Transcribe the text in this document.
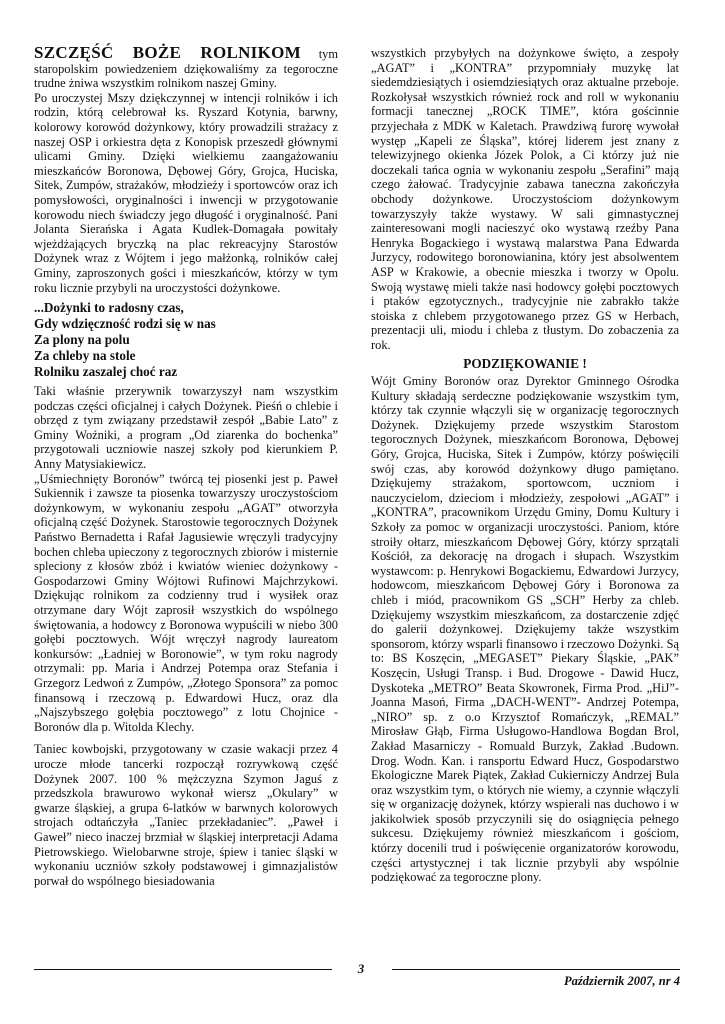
SZCZĘŚĆ BOŻE ROLNIKOM tym staropolskim powiedzeniem dziękowaliśmy za tegoroczne trudne żniwa wszystkim rolnikom naszej Gminy.

Po uroczystej Mszy dziękczynnej w intencji rolników i ich rodzin, którą celebrował ks. Ryszard Kotynia, barwny, kolorowy korowód dożynkowy, który prowadzili strażacy z naszej OSP i orkiestra dęta z Konopisk przeszedł głównymi ulicami Gminy. Dzięki wielkiemu zaangażowaniu mieszkańców Boronowa, Dębowej Góry, Grojca, Huciska, Sitek, Zumpów, strażaków, młodzieży i sportowców oraz ich pomysłowości, oryginalności i inwencji w przygotowanie korowodu niech świadczy jego długość i oryginalność. Pani Jolanta Sierańska i Agata Kudlek-Domagała powitały wjeżdżających bryczką na plac rekreacyjny Starostów Dożynek wraz z Wójtem i jego małżonką, rolników całej Gminy, zaproszonych gości i mieszkańców, którzy w tym roku licznie przybyli na uroczystości dożynkowe.

...Dożynki to radosny czas,
Gdy wdzięczność rodzi się w nas
Za plony na polu
Za chleby na stole
Rolniku zaszalej choć raz

Taki właśnie przerywnik towarzyszył nam wszystkim podczas części oficjalnej i całych Dożynek. Pieśń o chlebie i obrzęd z tym związany przedstawił zespół „Babie Lato” z Gminy Woźniki, a program „Od ziarenka do bochenka” przygotowali uczniowie naszej szkoły pod kierunkiem P. Anny Matysiakiewicz.

„Uśmiechnięty Boronów” twórcą tej piosenki jest p. Paweł Sukiennik i zawsze ta piosenka towarzyszy uroczystościom dożynkowym, w wykonaniu zespołu „AGAT” otworzyła oficjalną część Dożynek. Starostowie tegorocznych Dożynek Państwo Bernadetta i Rafał Jagusiewie wręczyli tradycyjny bochen chleba upieczony z tegorocznych zbiorów i misternie spleciony z kłosów zbóż i kwiatów wieniec dożynkowy - Gospodarzowi Gminy Wójtowi Rufinowi Majchrzykowi. Dziękując rolnikom za codzienny trud i wysiłek oraz otrzymane dary Wójt zaprosił wszystkich do wspólnego świętowania, a hodowcy z Boronowa wypuścili w niebo 300 gołębi pocztowych. Wójt wręczył nagrody laureatom konkursów: „Ładniej w Boronowie”, w tym roku nagrody otrzymali: pp. Maria i Andrzej Potempa oraz Stefania i Grzegorz Ledwoń z Zumpów, „Złotego Sponsora” za pomoc finansową i rzeczową p. Edwardowi Hucz, oraz dla „Najszybszego gołębia pocztowego” z lotu Chojnice - Boronów dla p. Witolda Klechy.

Taniec kowbojski, przygotowany w czasie wakacji przez 4 urocze młode tancerki rozpoczął rozrywkową część Dożynek 2007. 100 % mężczyzna Szymon Jaguś z przedszkola brawurowo wykonał wiersz „Okulary” w gwarze śląskiej, a grupa 6-latków w barwnych kolorowych strojach odtańczyła „Taniec przekładaniec”. „Paweł i Gaweł” nieco inaczej brzmiał w śląskiej interpretacji Adama Pietrowskiego. Wielobarwne stroje, śpiew i taniec śląski w wykonaniu uczniów szkoły podstawowej i gimnazjalistów porwał do wspólnego biesiadowania

wszystkich przybyłych na dożynkowe święto, a zespoły „AGAT” i „KONTRA” przypomniały muzykę lat siedemdziesiątych i osiemdziesiątych oraz aktualne przeboje. Rozkołysał wszystkich również rock and roll w wykonaniu formacji tanecznej „ROCK TIME”, która gościnnie przyjechała z MDK w Kaletach. Prawdziwą furorę wywołał występ „Kapeli ze Śląska”, której liderem jest znany z telewizyjnego okienka Józek Polok, a Ci którzy już nie doczekali tańca ognia w wykonaniu zespołu „Serafini” mają czego żałować. Tradycyjnie zabawa taneczna zakończyła obchody dożynkowe. Uroczystościom dożynkowym towarzyszyły także wystawy. W sali gimnastycznej zainteresowani mogli nacieszyć oko wystawą rzeźby Pana Henryka Bogackiego i wystawą malarstwa Pana Edwarda Jurzycy, rodowitego boronowianina, który jest absolwentem ASP w Krakowie, a obecnie mieszka i tworzy w Opolu. Swoją wystawę mieli także nasi hodowcy gołębi pocztowych i ptaków egzotycznych., tradycyjnie nie zabrakło także stoiska z chlebem przygotowanego przez GS w Herbach, prezentacji uli, miodu i chleba z tłustym. Do zobaczenia za rok.

PODZIĘKOWANIE !

Wójt Gminy Boronów oraz Dyrektor Gminnego Ośrodka Kultury składają serdeczne podziękowanie wszystkim tym, którzy tak czynnie włączyli się w organizację tegorocznych Dożynek. Dziękujemy przede wszystkim Starostom tegorocznych Dożynek, mieszkańcom Boronowa, Dębowej Góry, Grojca, Huciska, Sitek i Zumpów, którzy poświęcili swój czas, aby korowód dożynkowy długo pamiętano. Dziękujemy strażakom, sportowcom, uczniom i nauczycielom, dzieciom i młodzieży, zespołowi „AGAT” i „KONTRA”, pracownikom Urzędu Gminy, Domu Kultury i Szkoły za pomoc w organizacji uroczystości. Paniom, które stroiły ołtarz, mieszkańcom Dębowej Góry, którzy sprzątali Kościół, za dekorację na drogach i słupach. Wszystkim wystawcom: p. Henrykowi Bogackiemu, Edwardowi Jurzycy, hodowcom, mieszkańcom Dębowej Góry i Boronowa za chleb i miód, pracownikom GS „SCH” Herby za chleb. Dziękujemy wszystkim mieszkańcom, za dostarczenie zdjęć do galerii dożynkowej. Dziękujemy także wszystkim sponsorom, którzy wsparli finansowo i rzeczowo Dożynki. Są to: BS Koszęcin, „MEGASET” Piekary Śląskie, „PAK” Koszęcin, Usługi Transp. i Bud. Drogowe - Dawid Hucz, Dyskoteka „METRO” Beata Skowronek, Firma Prod. „HiJ”- Joanna Masoń, Firma „DACH-WENT”- Andrzej Potempa, „NIRO” sp. z o.o Krzysztof Romańczyk, „REMAL” Mirosław Głąb, Firma Usługowo-Handlowa Bogdan Brol, Zakład Masarniczy - Romuald Burzyk, Zakład .Budown. Drog. Wodn. Kan. i ransportu Edward Hucz, Gospodarstwo Ekologiczne Marek Piątek, Zakład Cukierniczy Andrzej Bula oraz wszystkim tym, o których nie wiemy, a czynnie włączyli się w organizację dożynek, którzy wspierali nas duchowo i w jakikolwiek sposób przyczynili się do osiągnięcia pełnego sukcesu. Dziękujemy również mieszkańcom i gościom, którzy docenili trud i poświęcenie organizatorów korowodu, części artystycznej i tak licznie przybyli aby wspólnie podziękować za tegoroczne plony.

3
Październik 2007, nr 4
